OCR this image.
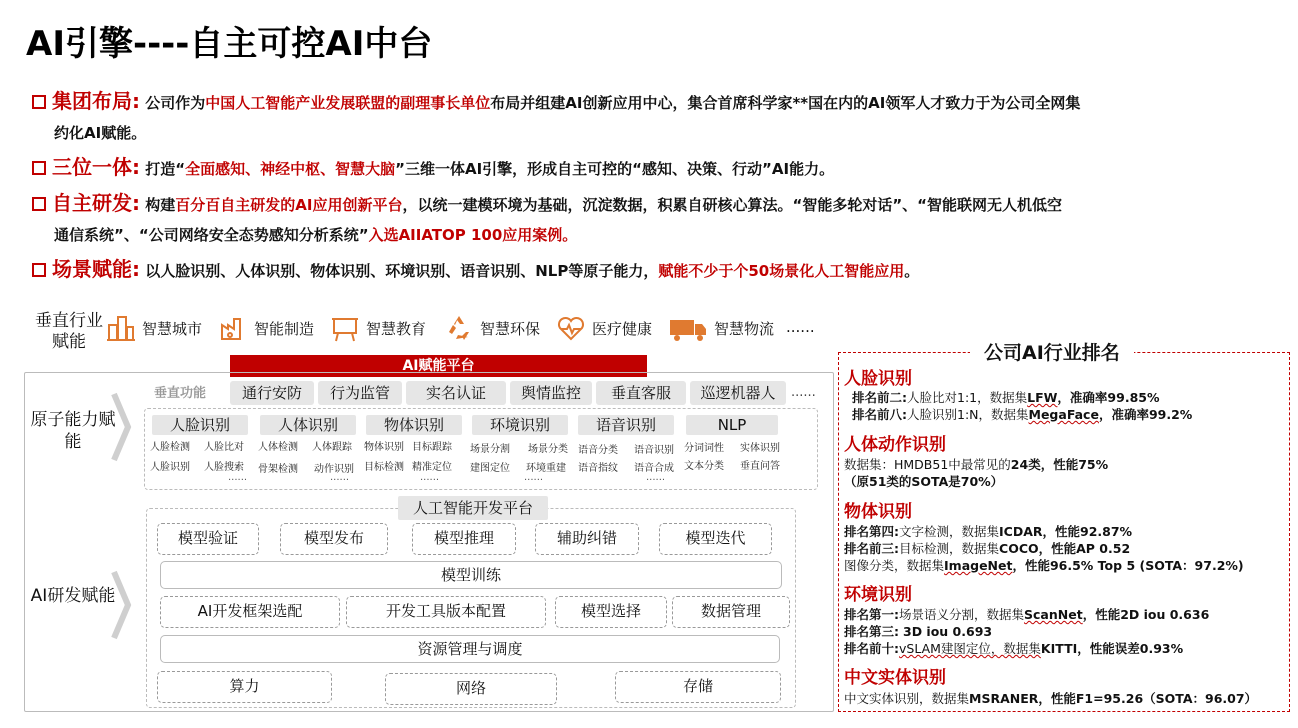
AI引擎----自主可控AI中台
集团布局: 公司作为中国人工智能产业发展联盟的副理事长单位布局并组建AI创新应用中心，集合首席科学家**国在内的AI领军人才致力于为公司全网集
约化AI赋能。
三位一体: 打造“全面感知、神经中枢、智慧大脑”三维一体AI引擎，形成自主可控的“感知、决策、行动”AI能力。
自主研发: 构建百分百自主研发的AI应用创新平台，以统一建模环境为基础，沉淀数据，积累自研核心算法。“智能多轮对话”、“智能联网无人机低空
通信系统”、“公司网络安全态势感知分析系统”入选AIIATOP 100应用案例。
场景赋能: 以人脸识别、人体识别、物体识别、环境识别、语音识别、NLP等原子能力，赋能不少于个50场景化人工智能应用。
垂直行业赋能
智慧城市	智能制造	智慧教育	智慧环保	医疗健康	智慧物流 ......
AI赋能平台
原子能力赋能
垂直功能	通行安防	行为监管	实名认证	舆情监控	垂直客服	巡逻机器人	......
人脸识别
人脸检测 人脸比对
人脸识别 人脸搜索
......
人体识别
人体检测 人体跟踪
骨架检测 动作识别
......
物体识别
物体识别 目标跟踪
目标检测 精准定位
......
环境识别
场景分割 场景分类
建图定位 环境重建
......
语音识别
语音分类 语音识别
语音指纹 语音合成
......
NLP
分词词性 实体识别
文本分类 垂直问答
AI研发赋能
人工智能开发平台
模型验证	模型发布	模型推理	辅助纠错	模型迭代
模型训练
AI开发框架选配	开发工具版本配置	模型选择	数据管理
资源管理与调度
算力	网络	存储
公司AI行业排名
人脸识别
排名前二:人脸比对1:1，数据集LFW，准确率99.85%
排名前八:人脸识别1:N，数据集MegaFace，准确率99.2%
人体动作识别
数据集：HMDB51中最常见的24类，性能75%
（原51类的SOTA是70%）
物体识别
排名第四:文字检测，数据集ICDAR，性能92.87%
排名前三:目标检测，数据集COCO，性能AP 0.52
图像分类，数据集ImageNet，性能96.5% Top 5 (SOTA：97.2%)
环境识别
排名第一:场景语义分割，数据集ScanNet，性能2D iou 0.636
排名第三: 3D iou 0.693
排名前十:vSLAM建图定位，数据集KITTI，性能误差0.93%
中文实体识别
中文实体识别，数据集MSRANER，性能F1=95.26（SOTA：96.07）
